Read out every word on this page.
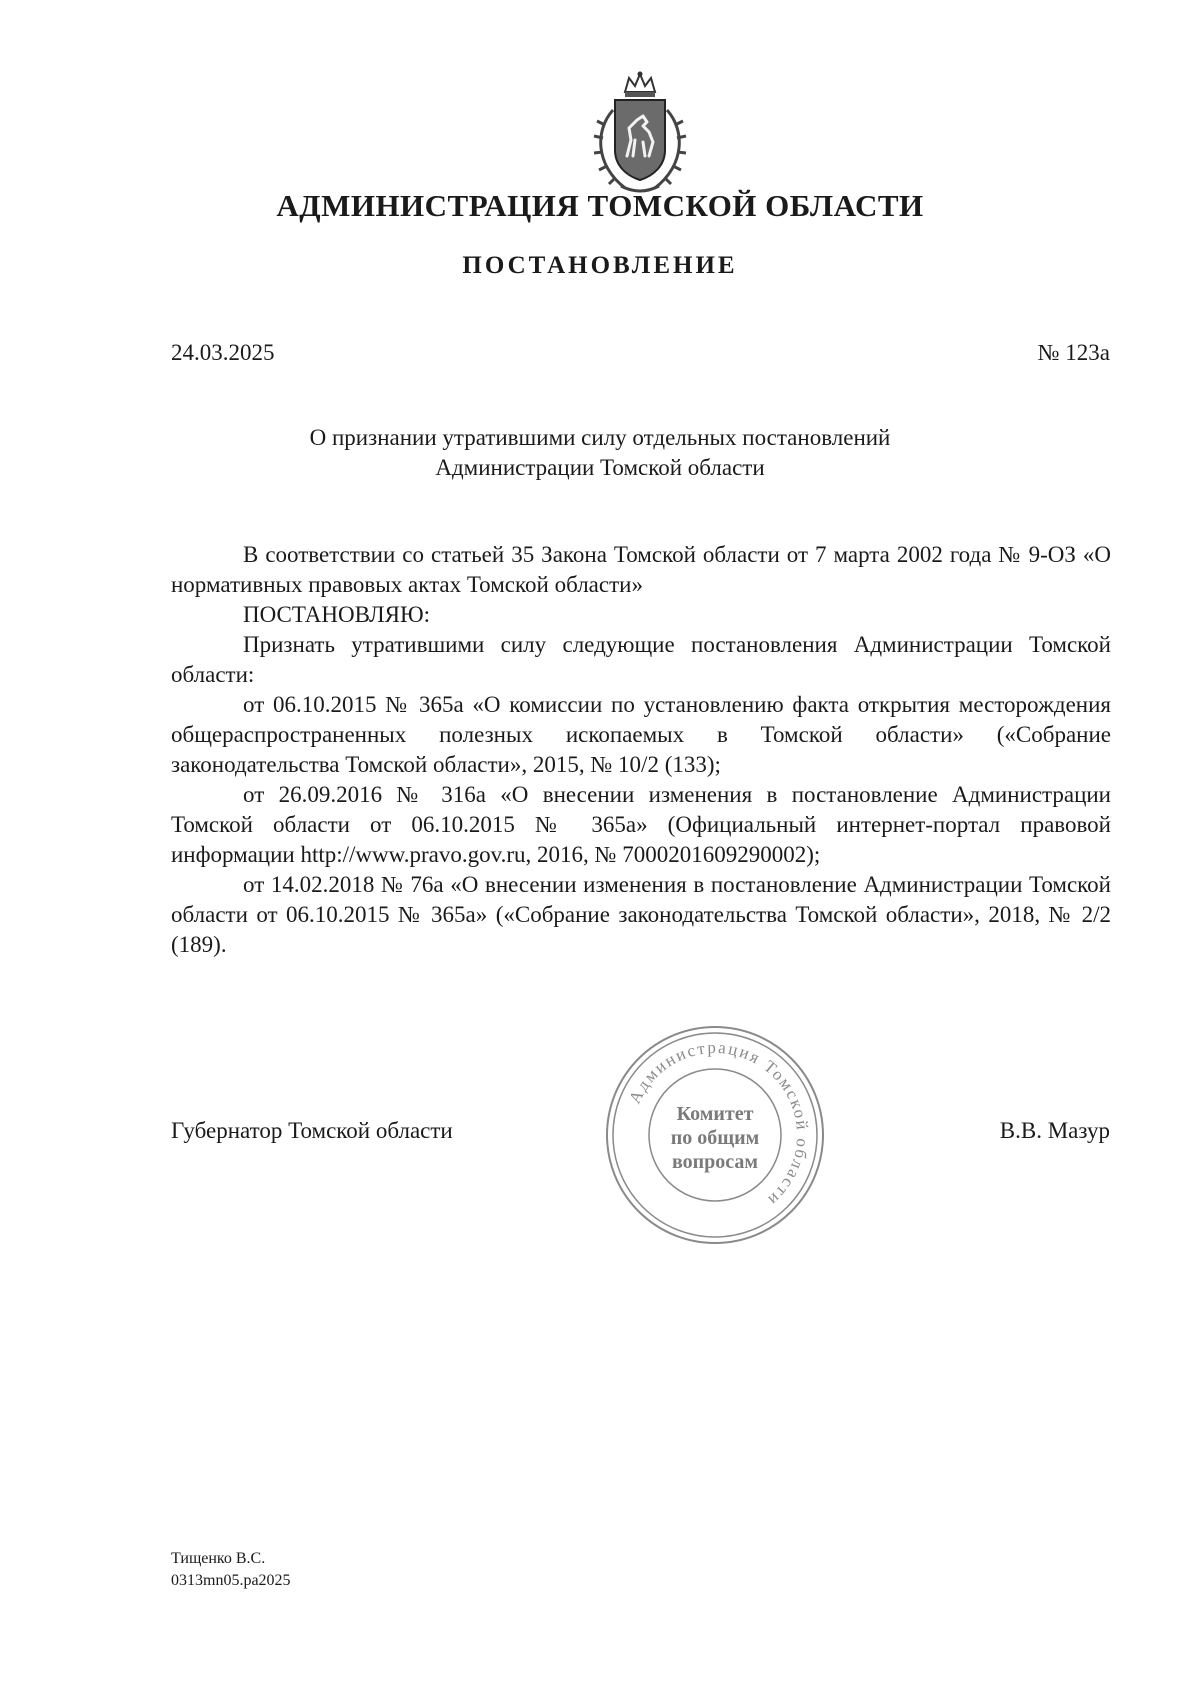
АДМИНИСТРАЦИЯ ТОМСКОЙ ОБЛАСТИ
ПОСТАНОВЛЕНИЕ
24.03.2025	№ 123а
О признании утратившими силу отдельных постановлений
Администрации Томской области

В соответствии со статьей 35 Закона Томской области от 7 марта 2002 года № 9-ОЗ «О нормативных правовых актах Томской области»

ПОСТАНОВЛЯЮ:

Признать утратившими силу следующие постановления Администрации Томской области:

от 06.10.2015 № 365а «О комиссии по установлению факта открытия месторождения общераспространенных полезных ископаемых в Томской области» («Собрание законодательства Томской области», 2015, № 10/2 (133);

от 26.09.2016 № 316а «О внесении изменения в постановление Администрации Томской области от 06.10.2015 № 365а» (Официальный интернет-портал правовой информации http://www.pravo.gov.ru, 2016, № 7000201609290002);

от 14.02.2018 № 76а «О внесении изменения в постановление Администрации Томской области от 06.10.2015 № 365а» («Собрание законодательства Томской области», 2018, № 2/2 (189).

Губернатор Томской области	В.В. Мазур
Администрация Томской области
Комитет
по общим
вопросам
Тищенко В.С.
0313mn05.pa2025
